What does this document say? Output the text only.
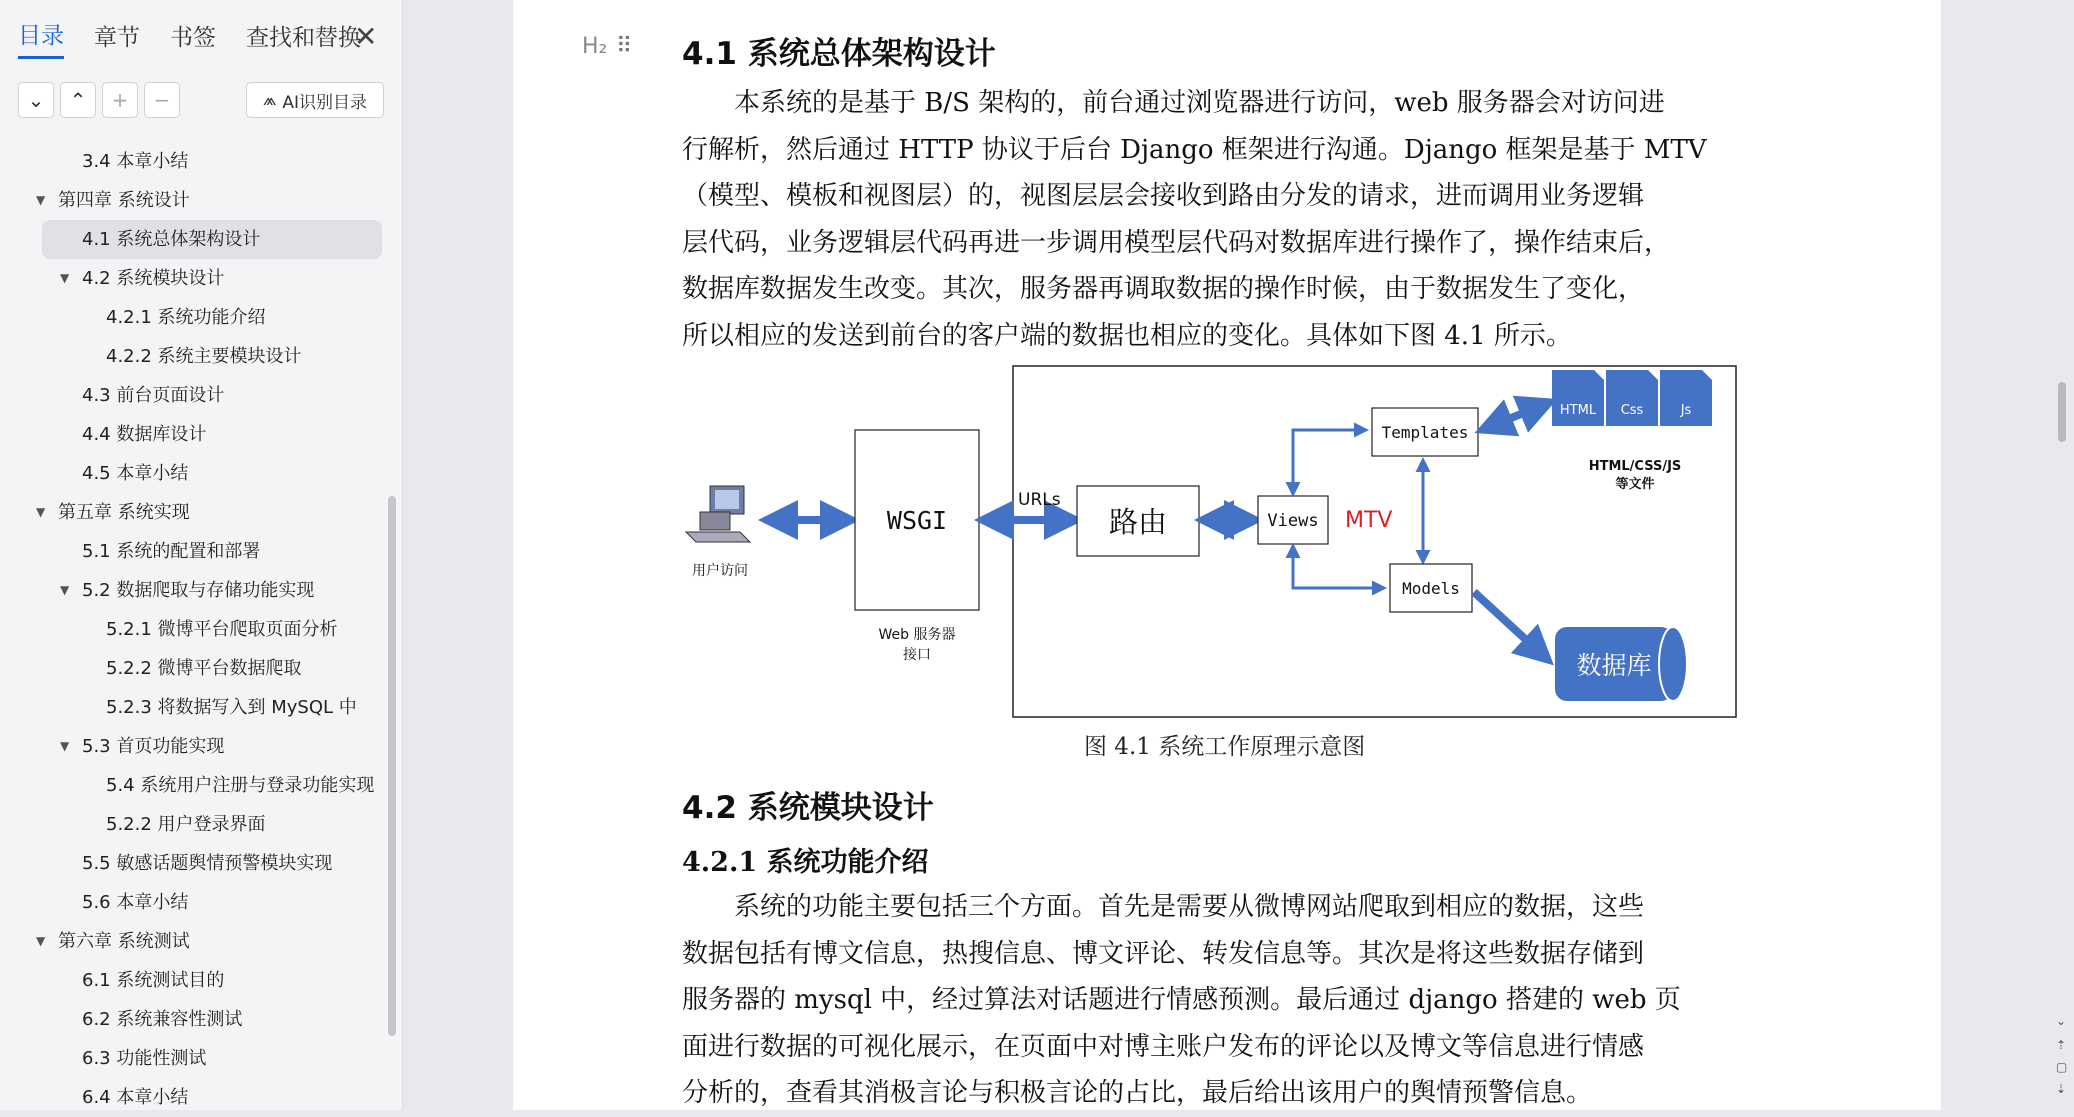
目录 章节 书签 查找和替换
✕
⌄ ⌃ + −	⩕ AI识别目录
3.4 本章小结
▼ 第四章 系统设计
4.1 系统总体架构设计
▼ 4.2 系统模块设计
4.2.1 系统功能介绍
4.2.2 系统主要模块设计
4.3 前台页面设计
4.4 数据库设计
4.5 本章小结
▼ 第五章 系统实现
5.1 系统的配置和部署
▼ 5.2 数据爬取与存储功能实现
5.2.1 微博平台爬取页面分析
5.2.2 微博平台数据爬取
5.2.3 将数据写入到 MySQL 中
▼ 5.3 首页功能实现
5.4 系统用户注册与登录功能实现
5.2.2 用户登录界面
5.5 敏感话题舆情预警模块实现
5.6 本章小结
▼ 第六章 系统测试
6.1 系统测试目的
6.2 系统兼容性测试
6.3 功能性测试
6.4 本章小结
H₂ ⠿ 4.1 系统总体架构设计
　　本系统的是基于 B/S 架构的，前台通过浏览器进行访问，web 服务器会对访问进
行解析，然后通过 HTTP 协议于后台 Django 框架进行沟通。Django 框架是基于 MTV
（模型、模板和视图层）的，视图层层会接收到路由分发的请求，进而调用业务逻辑
层代码，业务逻辑层代码再进一步调用模型层代码对数据库进行操作了，操作结束后，
数据库数据发生改变。其次，服务器再调取数据的操作时候，由于数据发生了变化，
所以相应的发送到前台的客户端的数据也相应的变化。具体如下图 4.1 所示。
用户访问
WSGI
Web 服务器
接口
URLs
路由	Views MTV
Templates
Models
HTML Css	Js
HTML/CSS/JS
等文件
数据库
图 4.1 系统工作原理示意图
4.2 系统模块设计
4.2.1 系统功能介绍
　　系统的功能主要包括三个方面。首先是需要从微博网站爬取到相应的数据，这些
数据包括有博文信息，热搜信息、博文评论、转发信息等。其次是将这些数据存储到
服务器的 mysql 中，经过算法对话题进行情感预测。最后通过 django 搭建的 web 页
面进行数据的可视化展示，在页面中对博主账户发布的评论以及博文等信息进行情感
分析的，查看其消极言论与积极言论的占比，最后给出该用户的舆情预警信息。
⌄
⇡
▢
⇣
